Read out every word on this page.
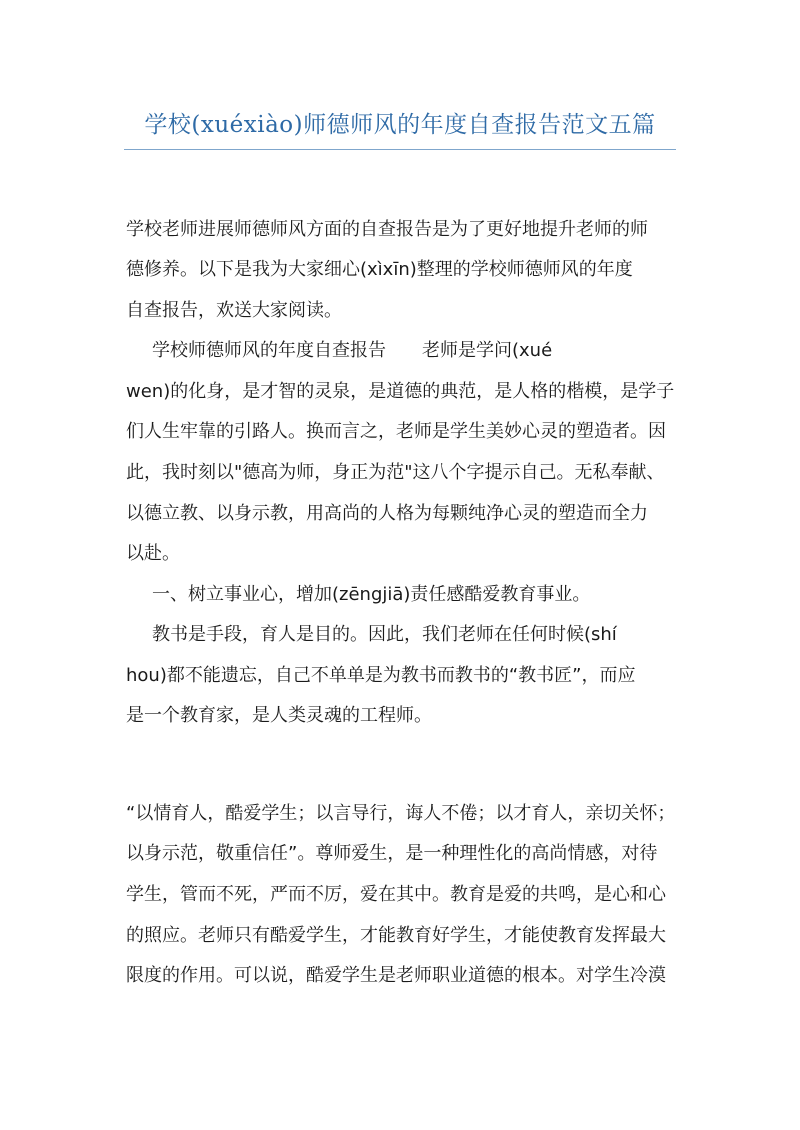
学校(xuéxiào)师德师风的年度自查报告范文五篇
学校老师进展师德师风方面的自查报告是为了更好地提升老师的师
德修养。以下是我为大家细心(xìxīn)整理的学校师德师风的年度
自查报告，欢送大家阅读。
学校师德师风的年度自查报告　　老师是学问(xué
wen)的化身，是才智的灵泉，是道德的典范，是人格的楷模，是学子
们人生牢靠的引路人。换而言之，老师是学生美妙心灵的塑造者。因
此，我时刻以"德高为师，身正为范"这八个字提示自己。无私奉献、
以德立教、以身示教，用高尚的人格为每颗纯净心灵的塑造而全力
以赴。
一、树立事业心，增加(zēngjiā)责任感酷爱教育事业。
教书是手段，育人是目的。因此，我们老师在任何时候(shí
hou)都不能遗忘，自己不单单是为教书而教书的“教书匠”，而应
是一个教育家，是人类灵魂的工程师。
“以情育人，酷爱学生；以言导行，诲人不倦；以才育人，亲切关怀；
以身示范，敬重信任”。尊师爱生，是一种理性化的高尚情感，对待
学生，管而不死，严而不厉，爱在其中。教育是爱的共鸣，是心和心
的照应。老师只有酷爱学生，才能教育好学生，才能使教育发挥最大
限度的作用。可以说，酷爱学生是老师职业道德的根本。对学生冷漠
